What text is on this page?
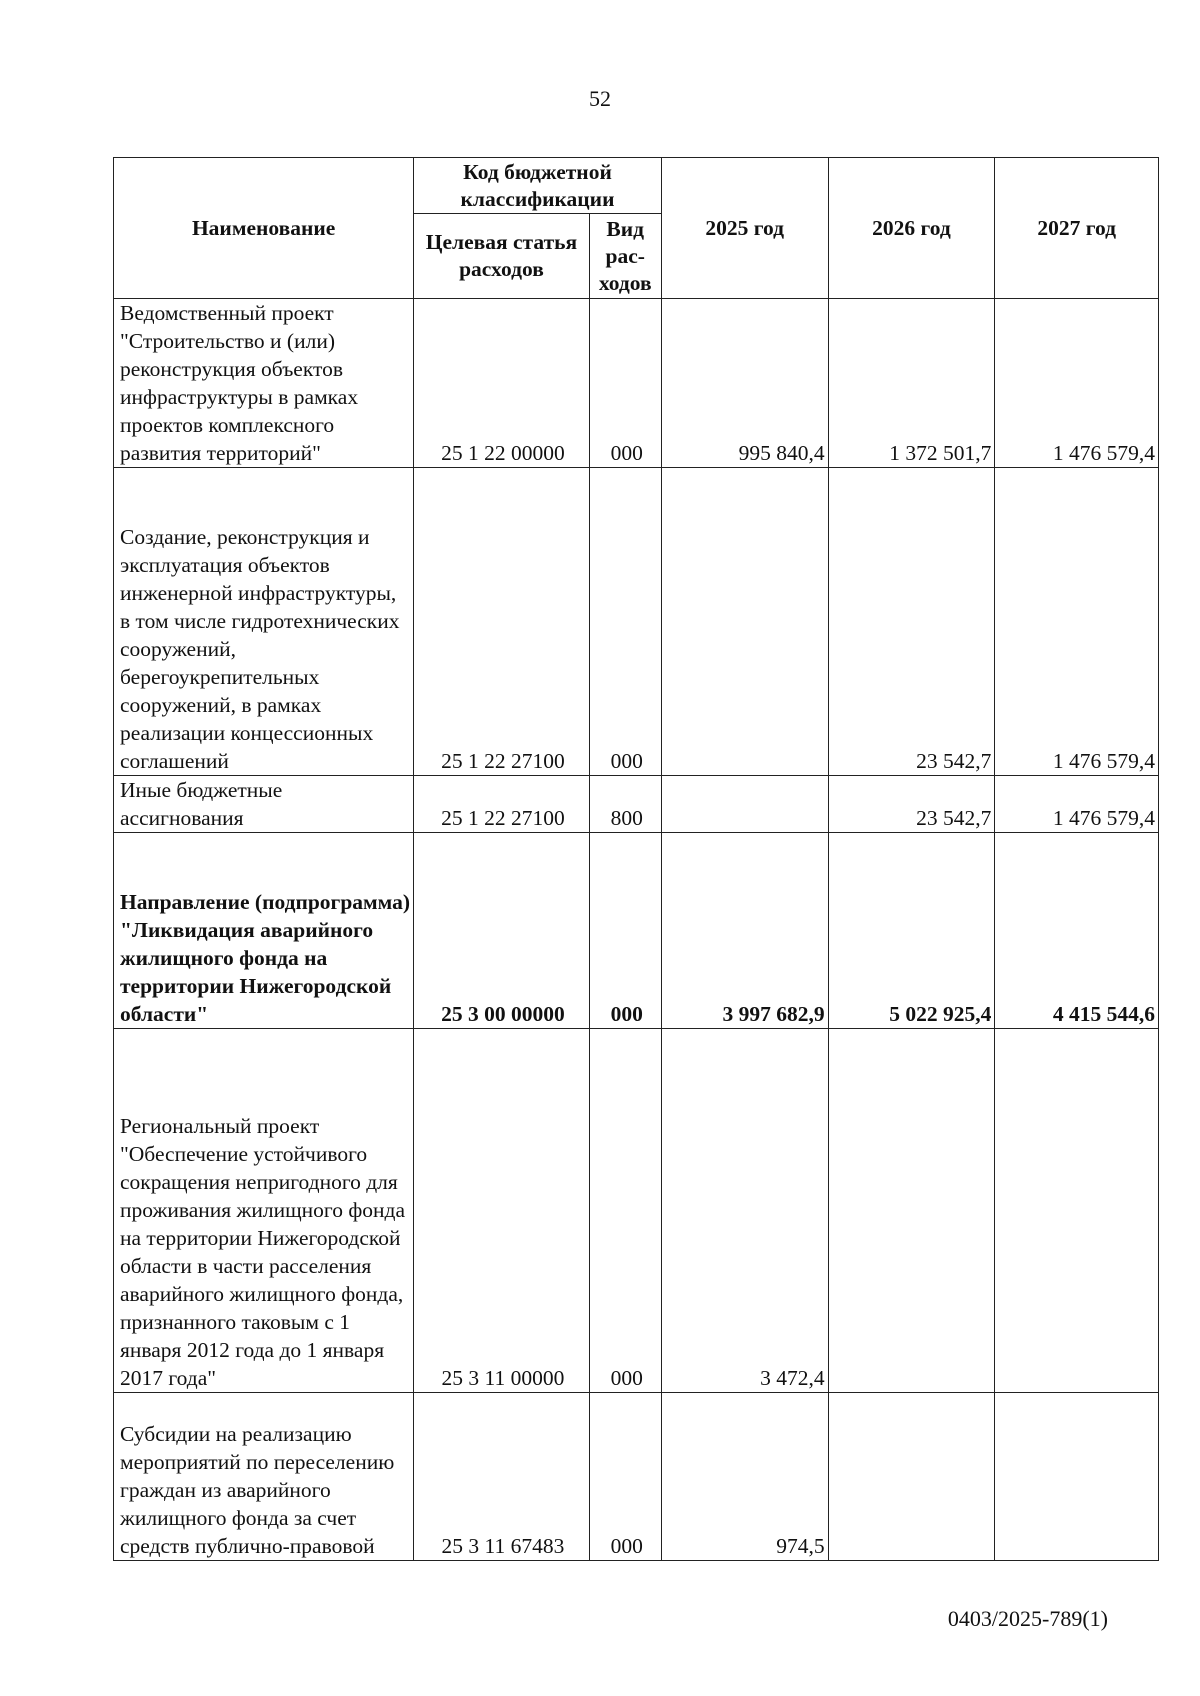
52
Наименование	Код бюджетной классификации		2025 год	2026 год	2027 год
	Целевая статья расходов	Вид рас-ходов			
Ведомственный проект "Строительство и (или) реконструкция объектов инфраструктуры в рамках проектов комплексного развития территорий"	25 1 22 00000	000	995 840,4	1 372 501,7	1 476 579,4
Создание, реконструкция и эксплуатация объектов инженерной инфраструктуры, в том числе гидротехнических сооружений, берегоукрепительных сооружений, в рамках реализации концессионных соглашений	25 1 22 27100	000		23 542,7	1 476 579,4
Иные бюджетные ассигнования	25 1 22 27100	800		23 542,7	1 476 579,4
Направление (подпрограмма) "Ликвидация аварийного жилищного фонда на территории Нижегородской области"	25 3 00 00000	000	3 997 682,9	5 022 925,4	4 415 544,6
Региональный проект "Обеспечение устойчивого сокращения непригодного для проживания жилищного фонда на территории Нижегородской области в части расселения аварийного жилищного фонда, признанного таковым с 1 января 2012 года до 1 января 2017 года"	25 3 11 00000	000	3 472,4		
Субсидии на реализацию мероприятий по переселению граждан из аварийного жилищного фонда за счет средств публично-правовой	25 3 11 67483	000	974,5		
0403/2025-789(1)
